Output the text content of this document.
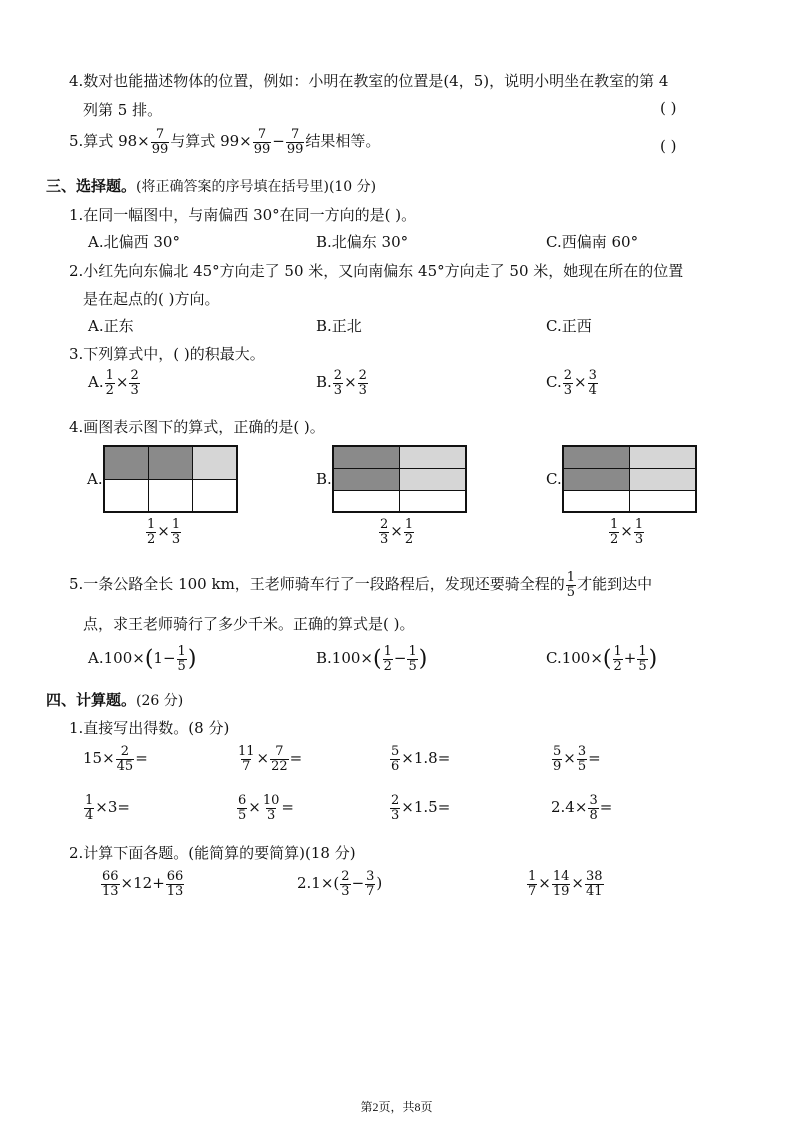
4.数对也能描述物体的位置，例如：小明在教室的位置是(4，5)，说明小明坐在教室的第 4
列第 5 排。	( )
5.算式 $98\times \frac{7}{99}$ 与算式 $99\times \frac{7}{99} - \frac{7}{99}$ 结果相等。	( )
三、选择题。(将正确答案的序号填在括号里)(10 分)
1.在同一幅图中，与南偏西 30°在同一方向的是( )。
A.北偏西 30°	B.北偏东 30°	C.西偏南 60°
2.小红先向东偏北 45°方向走了 50 米，又向南偏东 45°方向走了 50 米，她现在所在的位置
是在起点的( )方向。
A.正东	B.正北	C.正西
3.下列算式中，( )的积最大。
A. $\frac{1}{2} \times \frac{2}{3}$	B. $\frac{2}{3} \times \frac{2}{3}$	C. $\frac{2}{3} \times \frac{3}{4}$
4.画图表示图下的算式，正确的是( )。
A.
$\frac{1}{2} \times \frac{1}{3}$
B.
$\frac{2}{3} \times \frac{1}{2}$
C.
$\frac{1}{2} \times \frac{1}{3}$
5.一条公路全长 100 km，王老师骑车行了一段路程后，发现还要骑全程的 $\frac{1}{5}$ 才能到达中
点，求王老师骑行了多少千米。正确的算式是( )。
$A.100\times(1- \frac{1}{5}$ )	$B.100\times( \frac{1}{2} - \frac{1}{5}$ )	$C.100\times( \frac{1}{2} + \frac{1}{5}$ )
四、计算题。(26 分)
1.直接写出得数。(8 分)
$15\times \frac{2}{45}$ =	$\frac{11}{7} \times \frac{7}{22}$ =	$\frac{5}{6} \times 1.8=$	$\frac{5}{9} \times \frac{3}{5}$ =
$\frac{1}{4} \times 3=$	$\frac{6}{5} \times \frac{10}{3}$ =	$\frac{2}{3} \times 1.5=$	$2.4\times \frac{3}{8}$ =
2.计算下面各题。(能简算的要简算)(18 分)
$\frac{66}{13} \times 12+ \frac{66}{13}$	$2.1\times( \frac{2}{3} - \frac{3}{7}$ )	$\frac{1}{7} \times \frac{14}{19} \times \frac{38}{41}$
第2页，共8页
